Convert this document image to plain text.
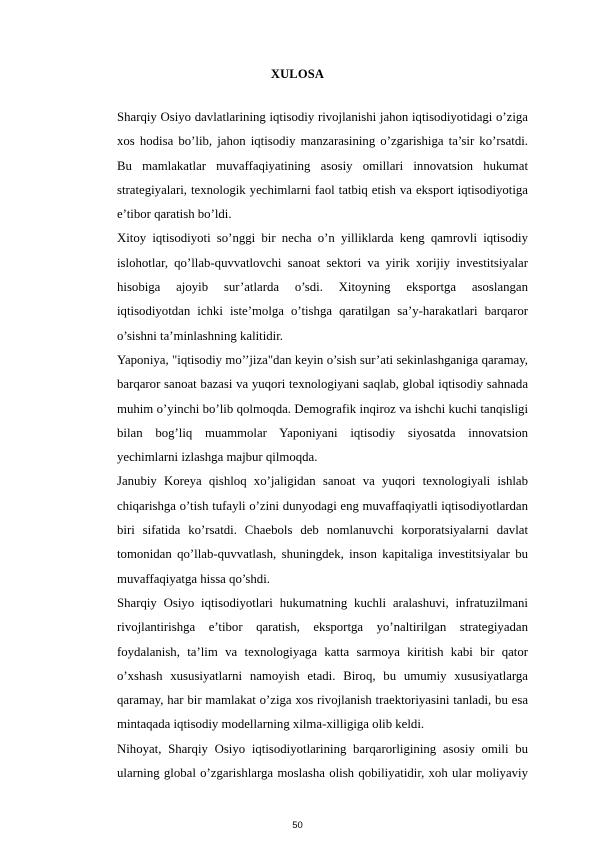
XULOSA

Sharqiy Osiyo davlatlarining iqtisodiy rivojlanishi jahon iqtisodiyotidagi o’ziga xos hodisa bo’lib, jahon iqtisodiy manzarasining o’zgarishiga ta’sir ko’rsatdi. Bu mamlakatlar muvaffaqiyatining asosiy omillari innovatsion hukumat strategiyalari, texnologik yechimlarni faol tatbiq etish va eksport iqtisodiyotiga e’tibor qaratish bo’ldi.

Xitoy iqtisodiyoti so’nggi bir necha o’n yilliklarda keng qamrovli iqtisodiy islohotlar, qo’llab-quvvatlovchi sanoat sektori va yirik xorijiy investitsiyalar hisobiga ajoyib sur’atlarda o’sdi. Xitoyning eksportga asoslangan iqtisodiyotdan ichki iste’molga o’tishga qaratilgan sa’y-harakatlari barqaror o’sishni ta’minlashning kalitidir.

Yaponiya, "iqtisodiy mo’’jiza"dan keyin o’sish sur’ati sekinlashganiga qaramay, barqaror sanoat bazasi va yuqori texnologiyani saqlab, global iqtisodiy sahnada muhim o’yinchi bo’lib qolmoqda. Demografik inqiroz va ishchi kuchi tanqisligi bilan bog’liq muammolar Yaponiyani iqtisodiy siyosatda innovatsion yechimlarni izlashga majbur qilmoqda.

Janubiy Koreya qishloq xo’jaligidan sanoat va yuqori texnologiyali ishlab chiqarishga o’tish tufayli o’zini dunyodagi eng muvaffaqiyatli iqtisodiyotlardan biri sifatida ko’rsatdi. Chaebols deb nomlanuvchi korporatsiyalarni davlat tomonidan qo’llab-quvvatlash, shuningdek, inson kapitaliga investitsiyalar bu muvaffaqiyatga hissa qo’shdi.

Sharqiy Osiyo iqtisodiyotlari hukumatning kuchli aralashuvi, infratuzilmani rivojlantirishga e’tibor qaratish, eksportga yo’naltirilgan strategiyadan foydalanish, ta’lim va texnologiyaga katta sarmoya kiritish kabi bir qator o’xshash xususiyatlarni namoyish etadi. Biroq, bu umumiy xususiyatlarga qaramay, har bir mamlakat o’ziga xos rivojlanish traektoriyasini tanladi, bu esa mintaqada iqtisodiy modellarning xilma-xilligiga olib keldi.

Nihoyat, Sharqiy Osiyo iqtisodiyotlarining barqarorligining asosiy omili bu ularning global o’zgarishlarga moslasha olish qobiliyatidir, xoh ular moliyaviy

50
